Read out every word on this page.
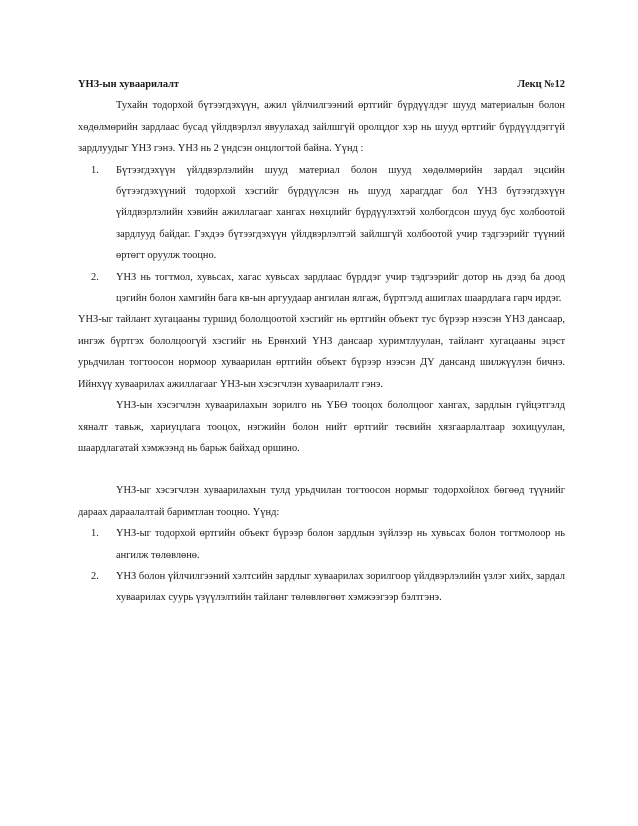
ҮНЗ-ын хуваарилалт	Лекц №12

Тухайн тодорхой бүтээгдэхүүн, ажил үйлчилгээний өртгийг бүрдүүлдэг шууд материалын болон хөдөлмөрийн зардлаас бусад үйлдвэрлэл явуулахад зайлшгүй оролцдог хэр нь шууд өртгийг бүрдүүлдэггүй зардлуудыг ҮНЗ гэнэ. ҮНЗ нь 2 үндсэн онцлогтой байна. Үүнд :

1. Бүтээгдэхүүн үйлдвэрлэлийн шууд материал болон шууд хөдөлмөрийн зардал эцсийн бүтээгдэхүүний тодорхой хэсгийг бүрдүүлсэн нь шууд харагддаг бол ҮНЗ бүтээгдэхүүн үйлдвэрлэлийн хэвийн ажиллагааг хангах нөхцлийг бүрдүүлэхтэй холбогдсон шууд бус холбоотой зардлууд байдаг. Гэхдээ бүтээгдэхүүн үйлдвэрлэлтэй зайлшгүй холбоотой учир тэдгээрийг түүний өртөгт оруулж тооцно.
2. ҮНЗ нь тогтмол, хувьсах, хагас хувьсах зардлаас бүрддэг учир тэдгээрийг дотор нь дээд ба доод цэгийн болон хамгийн бага кв-ын аргуудаар ангилан ялгаж, бүртгэлд ашиглах шаардлага гарч ирдэг.

ҮНЗ-ыг тайлант хугацааны туршид бололцоотой хэсгийг нь өртгийн объект тус бүрээр нээсэн ҮНЗ дансаар, ингэж бүртгэх бололцоогүй хэсгийг нь Ерөнхий ҮНЗ дансаар хуримтлуулан, тайлант хугацааны эцэст урьдчилан тогтоосон нормоор хуваарилан өртгийн объект бүрээр нээсэн ДҮ дансанд шилжүүлэн бичнэ. Ийнхүү хуваарилах ажиллагааг ҮНЗ-ын хэсэгчлэн хуваарилалт гэнэ.

ҮНЗ-ын хэсэгчлэн хуваарилахын зорилго нь ҮБӨ тооцох бололцоог хангах, зардлын гүйцэтгэлд хяналт тавьж, хариуцлага тооцох, нэгжийн болон нийт өртгийг төсвийн хязгаарлалтаар зохицуулан, шаардлагатай хэмжээнд нь барьж байхад оршино.

ҮНЗ-ыг хэсэгчлэн хуваарилахын тулд урьдчилан тогтоосон нормыг тодорхойлох бөгөөд түүнийг дараах дараалалтай баримтлан тооцно. Үүнд:

1. ҮНЗ-ыг тодорхой өртгийн объект бүрээр болон зардлын зүйлээр нь хувьсах болон тогтмолоор нь ангилж төлөвлөнө.
2. ҮНЗ болон үйлчилгээний хэлтсийн зардлыг хуваарилах зорилгоор үйлдвэрлэлийн үзлэг хийх, зардал хуваарилах суурь үзүүлэлтийн тайланг төлөвлөгөөт хэмжээгээр бэлтгэнэ.
